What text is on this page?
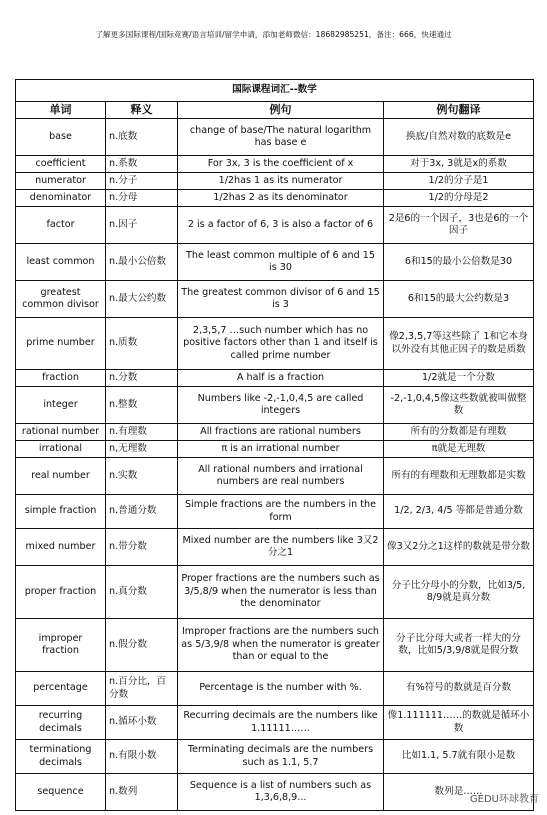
了解更多国际课程/国际竞赛/语言培训/留学申请，添加老师微信：18682985251，备注：666，快速通过
国际课程词汇--数学			
单词	释义	例句	例句翻译
base	n.底数	change of base/The natural logarithm has base e	换底/自然对数的底数是e
coefficient	n.系数	For 3x, 3 is the coefficient of x	对于3x, 3就是x的系数
numerator	n.分子	1/2has 1 as its numerator	1/2的分子是1
denominator	n.分母	1/2has 2 as its denominator	1/2的分母是2
factor	n.因子	2 is a factor of 6, 3 is also a factor of 6	2是6的一个因子，3也是6的一个因子
least common	n.最小公倍数	The least common multiple of 6 and 15 is 30	6和15的最小公倍数是30
greatest common divisor	n.最大公约数	The greatest common divisor of 6 and 15 is 3	6和15的最大公约数是3
prime number	n.质数	2,3,5,7 …such number which has no positive factors other than 1 and itself is called prime number	像2,3,5,7等这些除了 1和它本身以外没有其他正因子的数是质数
fraction	n.分数	A half is a fraction	1/2就是一个分数
integer	n.整数	Numbers like -2,-1,0,4,5 are called integers	-2,-1,0,4,5像这些数就被叫做整数
rational number	n.有理数	All fractions are rational numbers	所有的分数都是有理数
irrational	n,无理数	π is an irrational number	π就是无理数
real number	n.实数	All rational numbers and irrational numbers are real numbers	所有的有理数和无理数都是实数
simple fraction	n.普通分数	Simple fractions are the numbers in the form	1/2, 2/3, 4/5 等都是普通分数
mixed number	n.带分数	Mixed number are the numbers like 3又2分之1	像3又2分之1这样的数就是带分数
proper fraction	n.真分数	Proper fractions are the numbers such as 3/5,8/9 when the numerator is less than the denominator	分子比分母小的分数，比如3/5, 8/9就是真分数
improper fraction	n.假分数	Improper fractions are the numbers such as 5/3,9/8 when the numerator is greater than or equal to the	分子比分母大或者一样大的分数，比如5/3,9/8就是假分数
percentage	n.百分比，百分数	Percentage is the number with %.	有%符号的数就是百分数
recurring decimals	n.循环小数	Recurring decimals are the numbers like 1.11111……	像1.111111……的数就是循环小数
terminationg decimals	n.有限小数	Terminating decimals are the numbers such as 1.1, 5.7	比如1.1, 5.7就有限小是数
sequence	n.数列	Sequence is a list of numbers such as 1,3,6,8,9...	数列是……
GEDU环球教育
